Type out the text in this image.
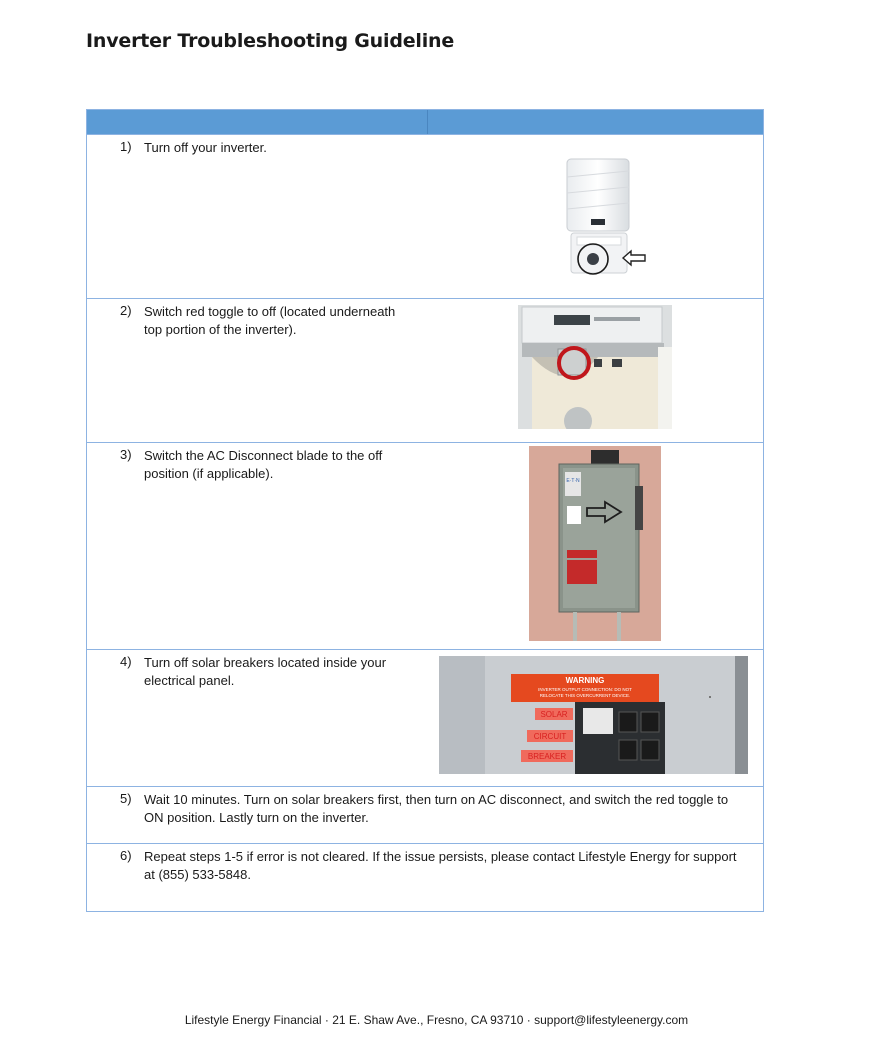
Inverter Troubleshooting Guideline
1) Turn off your inverter.
2) Switch red toggle to off (located underneath top portion of the inverter).
3) Switch the AC Disconnect blade to the off position (if applicable).	E·T·N
4) Turn off solar breakers located inside your electrical panel.	WARNING
INVERTER OUTPUT CONNECTION: DO NOT
RELOCATE THIS OVERCURRENT DEVICE.
SOLAR
CIRCUIT
BREAKER
5) Wait 10 minutes. Turn on solar breakers first, then turn on AC disconnect, and switch the red toggle to ON position. Lastly turn on the inverter.
6) Repeat steps 1-5 if error is not cleared. If the issue persists, please contact Lifestyle Energy for support at (855) 533-5848.
Lifestyle Energy Financial · 21 E. Shaw Ave., Fresno, CA 93710 · support@lifestyleenergy.com
